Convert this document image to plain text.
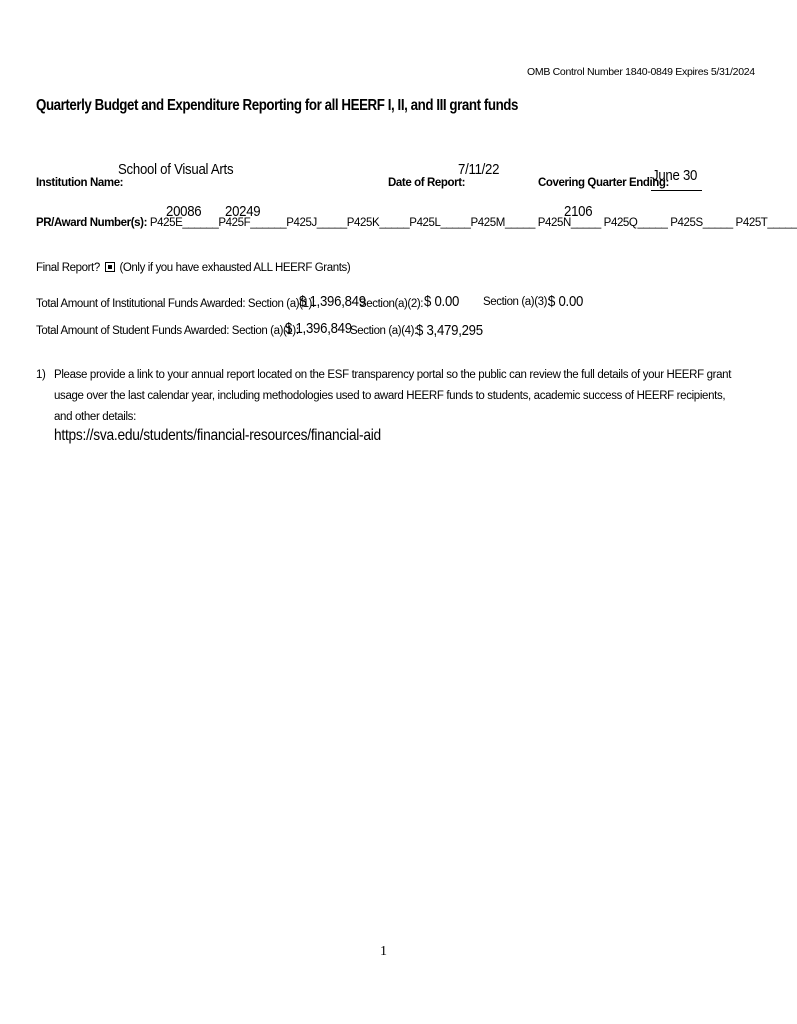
OMB Control Number 1840-0849 Expires 5/31/2024
Quarterly Budget and Expenditure Reporting for all HEERF I, II, and III grant funds
Institution Name:
School of Visual Arts
Date of Report:
7/11/22
Covering Quarter Ending:
June 30
20086 20249	2106
PR/Award Number(s): P425E______P425F______P425J_____P425K_____P425L_____P425M_____ P425N_____ P425Q_____ P425S_____ P425T_____
Final Report? (Only if you have exhausted ALL HEERF Grants)
Total Amount of Institutional Funds Awarded: Section (a)(1):
$ 1,396,849
Section(a)(2): $ 0.00 Section (a)(3):
$ 0.00
Total Amount of Student Funds Awarded: Section (a)(1):
$ 1,396,849
Section (a)(4): $ 3,479,295
1) Please provide a link to your annual report located on the ESF transparency portal so the public can review the full details of your HEERF grant usage over the last calendar year, including methodologies used to award HEERF funds to students, academic success of HEERF recipients, and other details:
https://sva.edu/students/financial-resources/financial-aid
1
